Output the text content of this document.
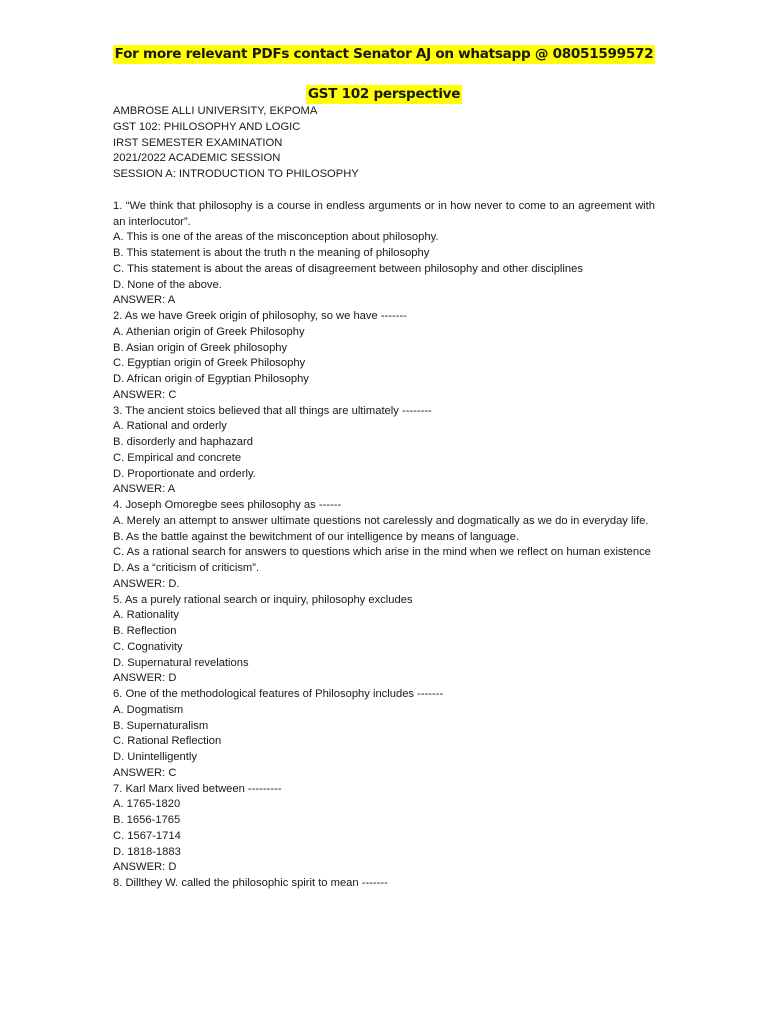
For more relevant PDFs contact Senator AJ on whatsapp @ 08051599572
GST 102 perspective
AMBROSE ALLI UNIVERSITY, EKPOMA
GST 102: PHILOSOPHY AND LOGIC
IRST SEMESTER EXAMINATION
2021/2022 ACADEMIC SESSION
SESSION A: INTRODUCTION TO PHILOSOPHY
1. “We think that philosophy is a course in endless arguments or in how never to come to an agreement with an interlocutor”.
A. This is one of the areas of the misconception about philosophy.
B. This statement is about the truth n the meaning of philosophy
C. This statement is about the areas of disagreement between philosophy and other disciplines
D. None of the above.
ANSWER: A
2. As we have Greek origin of philosophy, so we have -------
A. Athenian origin of Greek Philosophy
B. Asian origin of Greek philosophy
C. Egyptian origin of Greek Philosophy
D. African origin of Egyptian Philosophy
ANSWER: C
3. The ancient stoics believed that all things are ultimately --------
A. Rational and orderly
B. disorderly and haphazard
C. Empirical and concrete
D. Proportionate and orderly.
ANSWER: A
4. Joseph Omoregbe sees philosophy as ------
A. Merely an attempt to answer ultimate questions not carelessly and dogmatically as we do in everyday life.
B. As the battle against the bewitchment of our intelligence by means of language.
C. As a rational search for answers to questions which arise in the mind when we reflect on human existence
D. As a “criticism of criticism”.
ANSWER: D.
5. As a purely rational search or inquiry, philosophy excludes
A. Rationality
B. Reflection
C. Cognativity
D. Supernatural revelations
ANSWER: D
6. One of the methodological features of Philosophy includes -------
A. Dogmatism
B. Supernaturalism
C. Rational Reflection
D. Unintelligently
ANSWER: C
7. Karl Marx lived between ---------
A. 1765-1820
B. 1656-1765
C. 1567-1714
D. 1818-1883
ANSWER: D
8. Dillthey W. called the philosophic spirit to mean -------
